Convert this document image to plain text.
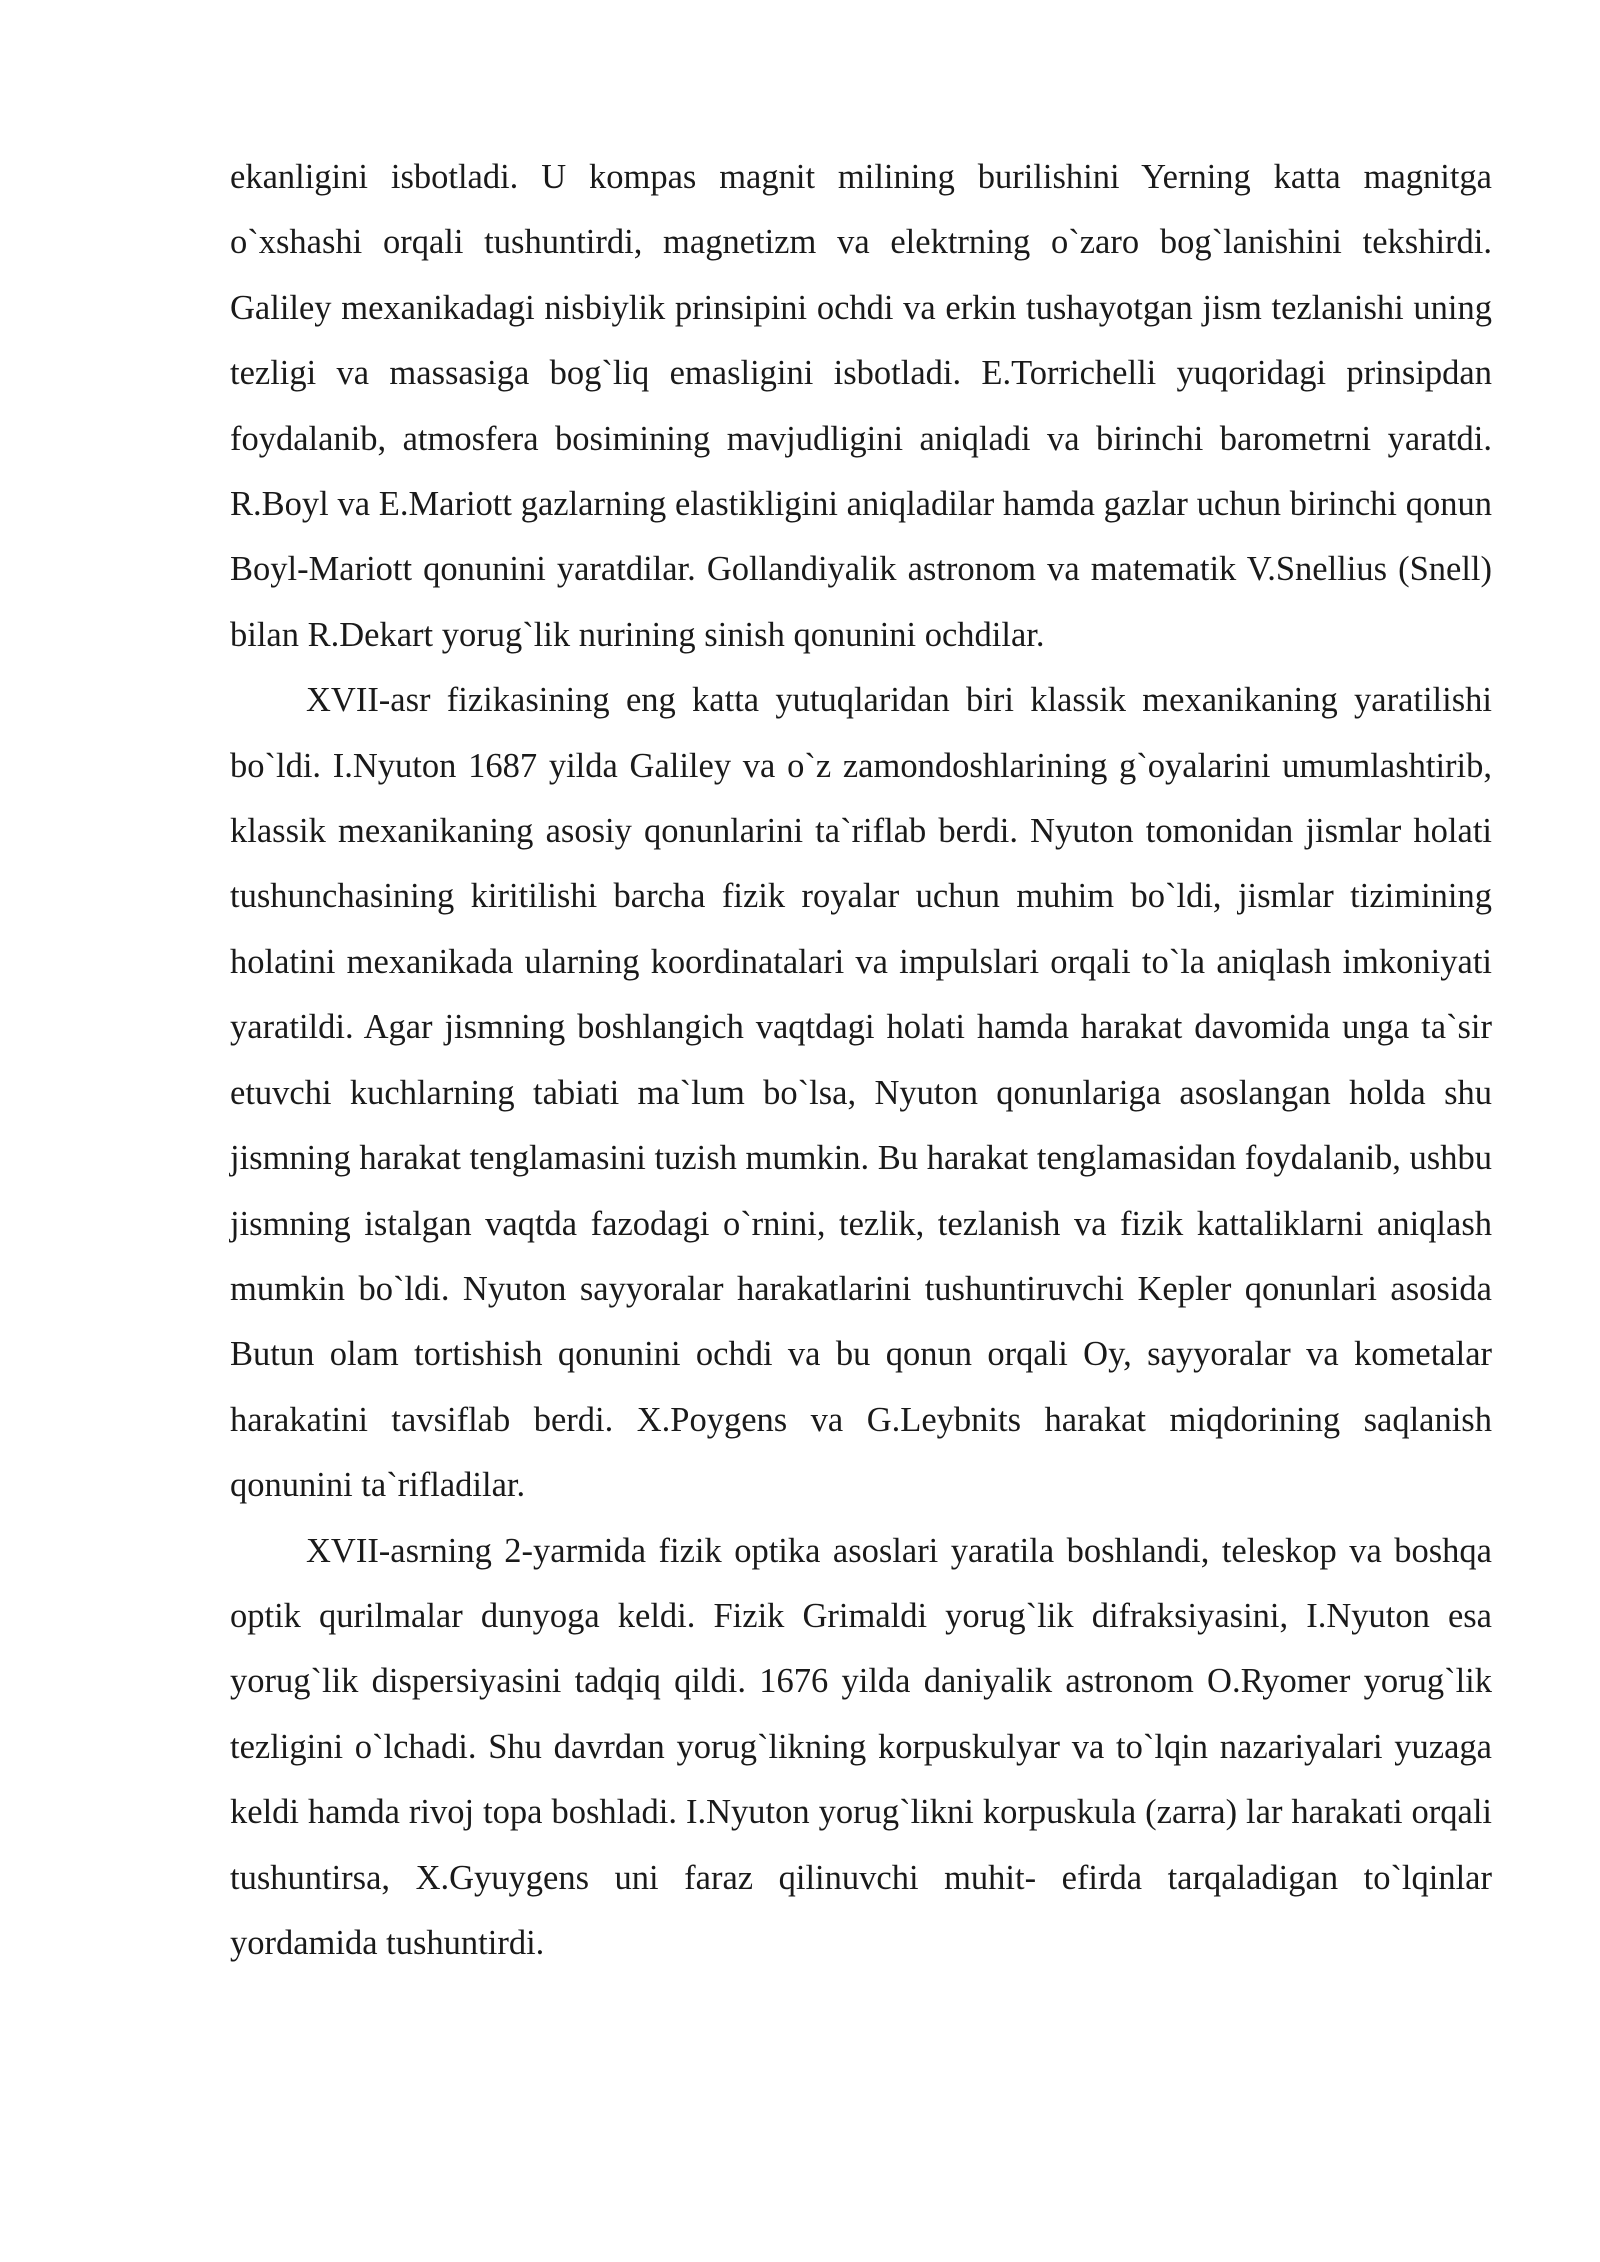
ekanligini isbotladi. U kompas magnit milining burilishini Yerning katta magnitga o`xshashi orqali tushuntirdi, magnetizm va elektrning o`zaro bog`lanishini tekshirdi. Galiley mexanikadagi nisbiylik prinsipini ochdi va erkin tushayotgan jism tezlanishi uning tezligi va massasiga bog`liq emasligini isbotladi. E.Torrichelli yuqoridagi prinsipdan foydalanib, atmosfera bosimining mavjudligini aniqladi va birinchi barometrni yaratdi. R.Boyl va E.Mariott gazlarning elastikligini aniqladilar hamda gazlar uchun birinchi qonun Boyl-Mariott qonunini yaratdilar. Gollandiyalik astronom va matematik V.Snellius (Snell) bilan R.Dekart yorug`lik nurining sinish qonunini ochdilar.

XVII-asr fizikasining eng katta yutuqlaridan biri klassik mexanikaning yaratilishi bo`ldi. I.Nyuton 1687 yilda Galiley va o`z zamondoshlarining g`oyalarini umumlashtirib, klassik mexanikaning asosiy qonunlarini ta`riflab berdi. Nyuton tomonidan jismlar holati tushunchasining kiritilishi barcha fizik royalar uchun muhim bo`ldi, jismlar tizimining holatini mexanikada ularning koordinatalari va impulslari orqali to`la aniqlash imkoniyati yaratildi. Agar jismning boshlangich vaqtdagi holati hamda harakat davomida unga ta`sir etuvchi kuchlarning tabiati ma`lum bo`lsa, Nyuton qonunlariga asoslangan holda shu jismning harakat tenglamasini tuzish mumkin. Bu harakat tenglamasidan foydalanib, ushbu jismning istalgan vaqtda fazodagi o`rnini, tezlik, tezlanish va fizik kattaliklarni aniqlash mumkin bo`ldi. Nyuton sayyoralar harakatlarini tushuntiruvchi Kepler qonunlari asosida Butun olam tortishish qonunini ochdi va bu qonun orqali Oy, sayyoralar va kometalar harakatini tavsiflab berdi. X.Poygens va G.Leybnits harakat miqdorining saqlanish qonunini ta`rifladilar.

XVII-asrning 2-yarmida fizik optika asoslari yaratila boshlandi, teleskop va boshqa optik qurilmalar dunyoga keldi. Fizik Grimaldi yorug`lik difraksiyasini, I.Nyuton esa yorug`lik dispersiyasini tadqiq qildi. 1676 yilda daniyalik astronom O.Ryomer yorug`lik tezligini o`lchadi. Shu davrdan yorug`likning korpuskulyar va to`lqin nazariyalari yuzaga keldi hamda rivoj topa boshladi. I.Nyuton yorug`likni korpuskula (zarra) lar harakati orqali tushuntirsa, X.Gyuygens uni faraz qilinuvchi muhit- efirda tarqaladigan to`lqinlar yordamida tushuntirdi.
